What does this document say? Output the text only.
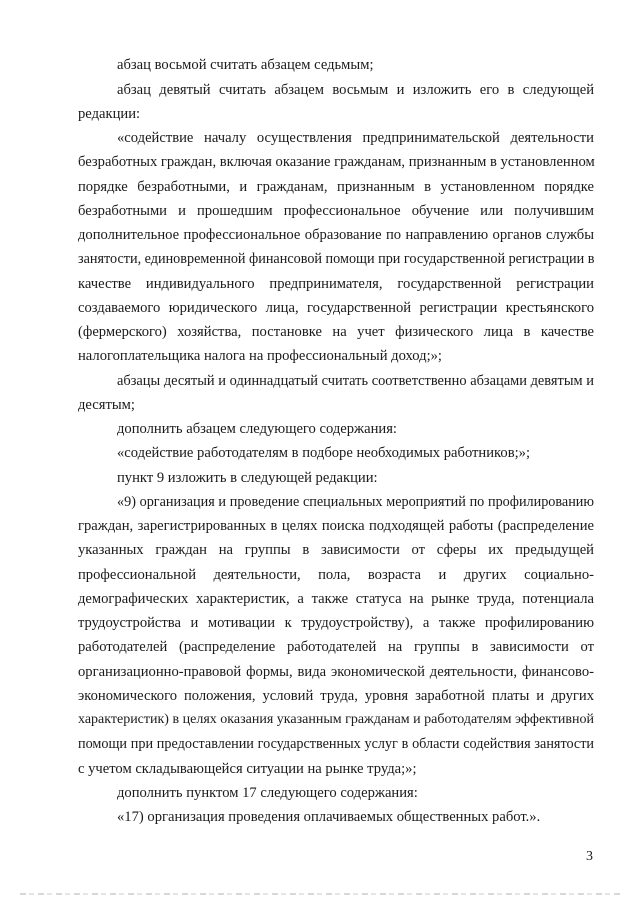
абзац восьмой считать абзацем седьмым;
абзац девятый считать абзацем восьмым и изложить его в следующей
редакции:
«содействие началу осуществления предпринимательской деятельности
безработных граждан, включая оказание гражданам, признанным в установленном
порядке безработными, и гражданам, признанным в установленном порядке
безработными и прошедшим профессиональное обучение или получившим
дополнительное профессиональное образование по направлению органов службы
занятости, единовременной финансовой помощи при государственной регистрации в
качестве индивидуального предпринимателя, государственной регистрации
создаваемого юридического лица, государственной регистрации крестьянского
(фермерского) хозяйства, постановке на учет физического лица в качестве
налогоплательщика налога на профессиональный доход;»;
абзацы десятый и одиннадцатый считать соответственно абзацами девятым и
десятым;
дополнить абзацем следующего содержания:
«содействие работодателям в подборе необходимых работников;»;
пункт 9 изложить в следующей редакции:
«9) организация и проведение специальных мероприятий по профилированию
граждан, зарегистрированных в целях поиска подходящей работы (распределение
указанных граждан на группы в зависимости от сферы их предыдущей
профессиональной деятельности, пола, возраста и других социально-
демографических характеристик, а также статуса на рынке труда, потенциала
трудоустройства и мотивации к трудоустройству), а также профилированию
работодателей (распределение работодателей на группы в зависимости от
организационно-правовой формы, вида экономической деятельности, финансово-
экономического положения, условий труда, уровня заработной платы и других
характеристик) в целях оказания указанным гражданам и работодателям эффективной
помощи при предоставлении государственных услуг в области содействия занятости
с учетом складывающейся ситуации на рынке труда;»;
дополнить пунктом 17 следующего содержания:
«17) организация проведения оплачиваемых общественных работ.».
3
